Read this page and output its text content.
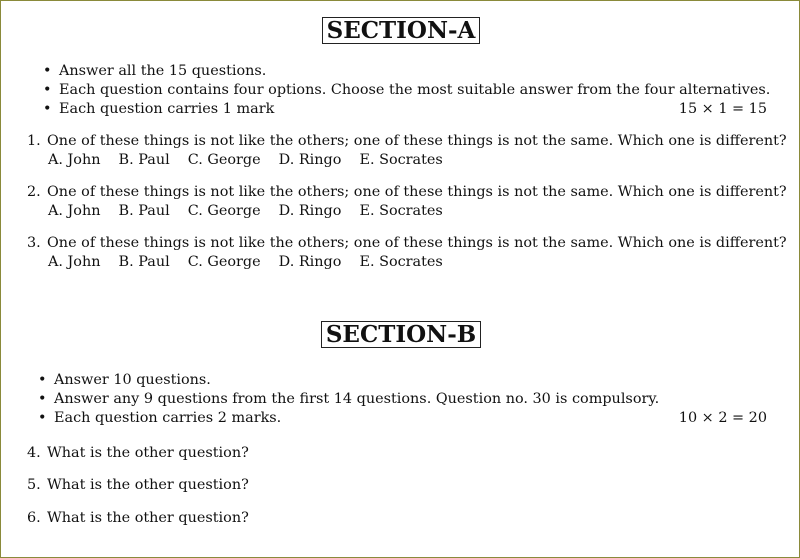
SECTION-A
• Answer all the 15 questions.
• Each question contains four options. Choose the most suitable answer from the four alternatives.
• Each question carries 1 mark	15 × 1 = 15
1. One of these things is not like the others; one of these things is not the same. Which one is different?
A. John B. Paul C. George D. Ringo E. Socrates
2. One of these things is not like the others; one of these things is not the same. Which one is different?
A. John B. Paul C. George D. Ringo E. Socrates
3. One of these things is not like the others; one of these things is not the same. Which one is different?
A. John B. Paul C. George D. Ringo E. Socrates
SECTION-B
• Answer 10 questions.
• Answer any 9 questions from the first 14 questions. Question no. 30 is compulsory.
• Each question carries 2 marks.	10 × 2 = 20
4. What is the other question?
5. What is the other question?
6. What is the other question?
